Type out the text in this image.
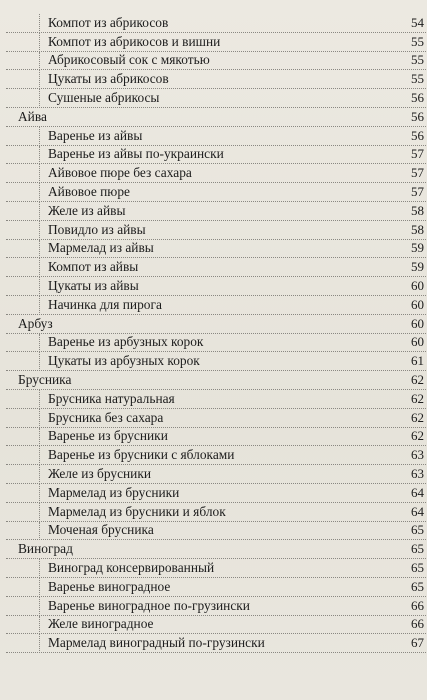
Компот из абрикосов	54
Компот из абрикосов и вишни	55
Абрикосовый сок с мякотью	55
Цукаты из абрикосов	55
Сушеные абрикосы	56
Айва	56
Варенье из айвы	56
Варенье из айвы по-украински	57
Айвовое пюре без сахара	57
Айвовое пюре	57
Желе из айвы	58
Повидло из айвы	58
Мармелад из айвы	59
Компот из айвы	59
Цукаты из айвы	60
Начинка для пирога	60
Арбуз	60
Варенье из арбузных корок	60
Цукаты из арбузных корок	61
Брусника	62
Брусника натуральная	62
Брусника без сахара	62
Варенье из брусники	62
Варенье из брусники с яблоками	63
Желе из брусники	63
Мармелад из брусники	64
Мармелад из брусники и яблок	64
Моченая брусника	65
Виноград	65
Виноград консервированный	65
Варенье виноградное	65
Варенье виноградное по-грузински	66
Желе виноградное	66
Мармелад виноградный по-грузински	67
